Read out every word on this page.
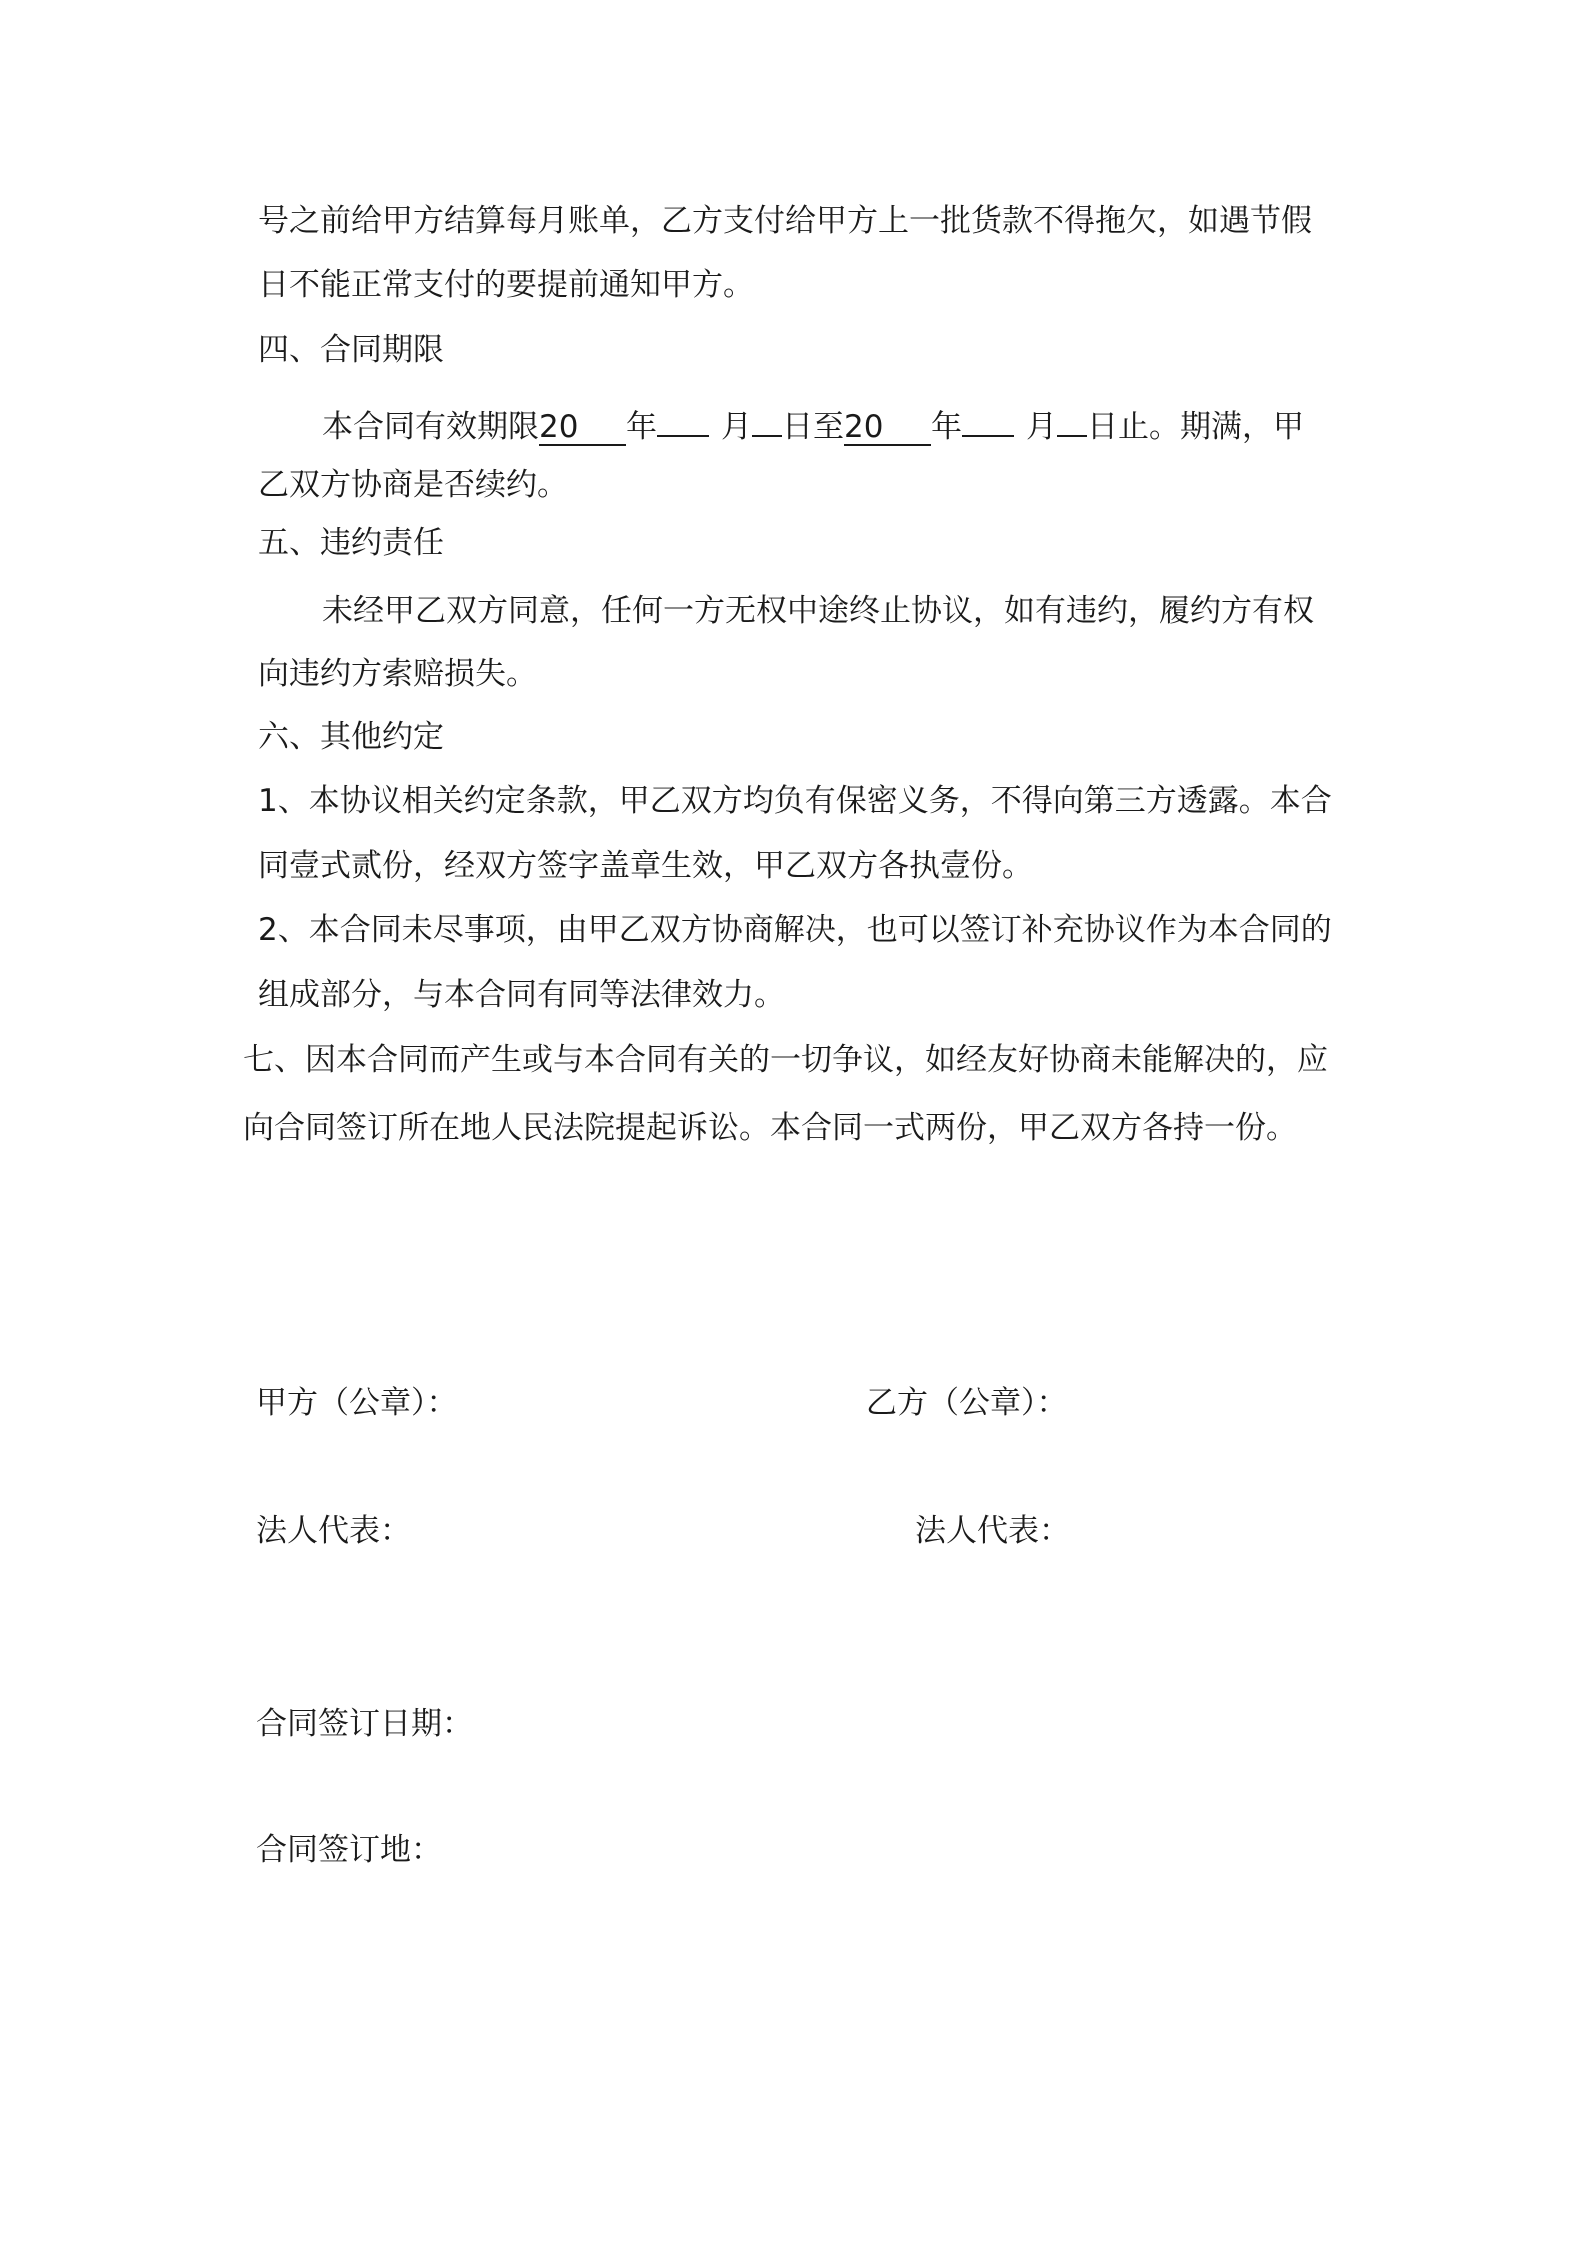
号之前给甲方结算每月账单，乙方支付给甲方上一批货款不得拖欠，如遇节假
日不能正常支付的要提前通知甲方。
四、合同期限
本合同有效期限20 年 月 日至20 年 月 日止。期满，甲
乙双方协商是否续约。
五、违约责任
未经甲乙双方同意，任何一方无权中途终止协议，如有违约，履约方有权
向违约方索赔损失。
六、其他约定
1、本协议相关约定条款，甲乙双方均负有保密义务，不得向第三方透露。本合
同壹式贰份，经双方签字盖章生效，甲乙双方各执壹份。
2、本合同未尽事项，由甲乙双方协商解决，也可以签订补充协议作为本合同的
组成部分，与本合同有同等法律效力。
七、因本合同而产生或与本合同有关的一切争议，如经友好协商未能解决的，应
向合同签订所在地人民法院提起诉讼。本合同一式两份，甲乙双方各持一份。
甲方（公章）：	乙方（公章）：
法人代表：	法人代表：
合同签订日期：
合同签订地：
